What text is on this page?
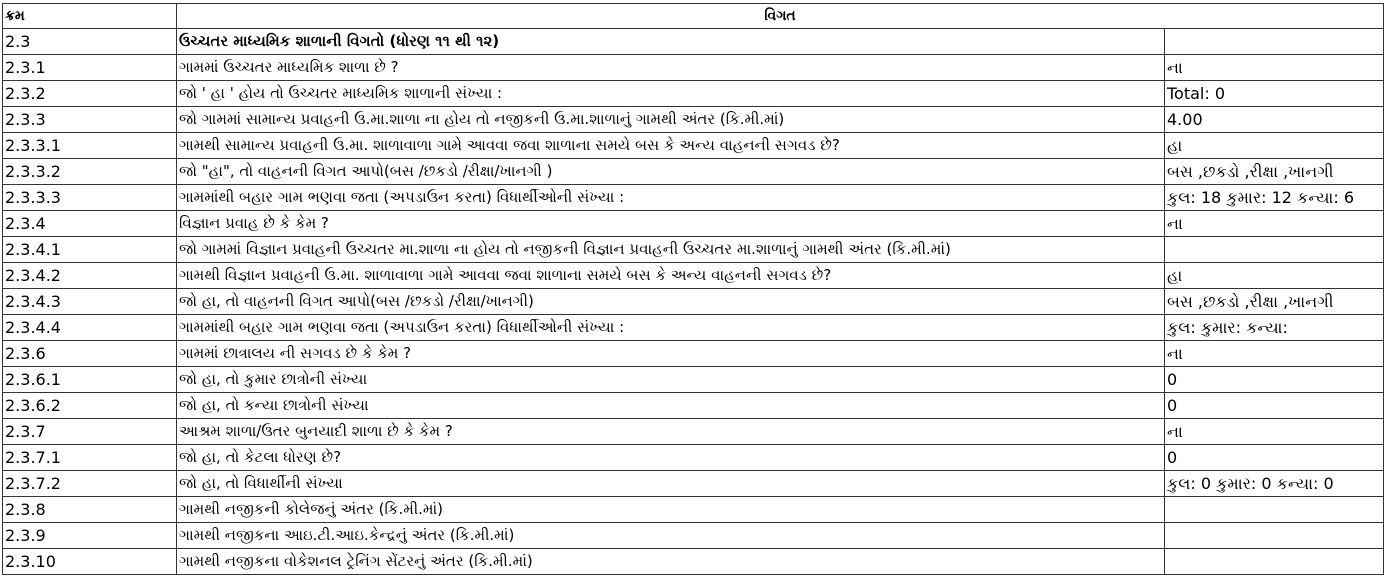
ક્રમ	વિગત	
2.3	ઉચ્ચતર માધ્યમિક શાળાની વિગતો (ધોરણ ૧૧ થી ૧૨)	
2.3.1	ગામમાં ઉચ્ચતર માધ્યમિક શાળા છે ?	ના
2.3.2	જો ' હા ' હોય તો ઉચ્ચતર માધ્યમિક શાળાની સંખ્યા :	Total: 0
2.3.3	જો ગામમાં સામાન્ય પ્રવાહની ઉ.મા.શાળા ના હોય તો નજીકની ઉ.મા.શાળાનું ગામથી અંતર (કિ.મી.માં)	4.00
2.3.3.1	ગામથી સામાન્ય પ્રવાહની ઉ.મા. શાળાવાળા ગામે આવવા જવા શાળાના સમયે બસ કે અન્ય વાહનની સગવડ છે?	હા
2.3.3.2	જો "હા", તો વાહનની વિગત આપો(બસ /છકડો /રીક્ષા/ખાનગી )	બસ ,છકડો ,રીક્ષા ,ખાનગી
2.3.3.3	ગામમાંથી બહાર ગામ ભણવા જતા (અપડાઉન કરતા) વિધાર્થીઓની સંખ્યા :	કુલ: 18 કુમાર: 12 કન્યા: 6
2.3.4	વિજ્ઞાન પ્રવાહ છે કે કેમ ?	ના
2.3.4.1	જો ગામમાં વિજ્ઞાન પ્રવાહની ઉચ્ચતર મા.શાળા ના હોય તો નજીકની વિજ્ઞાન પ્રવાહની ઉચ્ચતર મા.શાળાનું ગામથી અંતર (કિ.મી.માં)	
2.3.4.2	ગામથી વિજ્ઞાન પ્રવાહની ઉ.મા. શાળાવાળા ગામે આવવા જવા શાળાના સમયે બસ કે અન્ય વાહનની સગવડ છે?	હા
2.3.4.3	જો હા, તો વાહનની વિગત આપો(બસ /છકડો /રીક્ષા/ખાનગી)	બસ ,છકડો ,રીક્ષા ,ખાનગી
2.3.4.4	ગામમાંથી બહાર ગામ ભણવા જતા (અપડાઉન કરતા) વિધાર્થીઓની સંખ્યા :	કુલ: કુમાર: કન્યા:
2.3.6	ગામમાં છાત્રાલય ની સગવડ છે કે કેમ ?	ના
2.3.6.1	જો હા, તો કુમાર છાત્રોની સંખ્યા	0
2.3.6.2	જો હા, તો કન્યા છાત્રોની સંખ્યા	0
2.3.7	આશ્રમ શાળા/ઉતર બુનયાદી શાળા છે કે કેમ ?	ના
2.3.7.1	જો હા, તો કેટલા ધોરણ છે?	0
2.3.7.2	જો હા, તો વિધાર્થીની સંખ્યા	કુલ: 0 કુમાર: 0 કન્યા: 0
2.3.8	ગામથી નજીકની કોલેજનું અંતર (કિ.મી.માં)	
2.3.9	ગામથી નજીકના આઇ.ટી.આઇ.કેન્દ્રનું અંતર (કિ.મી.માં)	
2.3.10	ગામથી નજીકના વોકેશનલ ટ્રેનિંગ સેંટરનું અંતર (કિ.મી.માં)	
